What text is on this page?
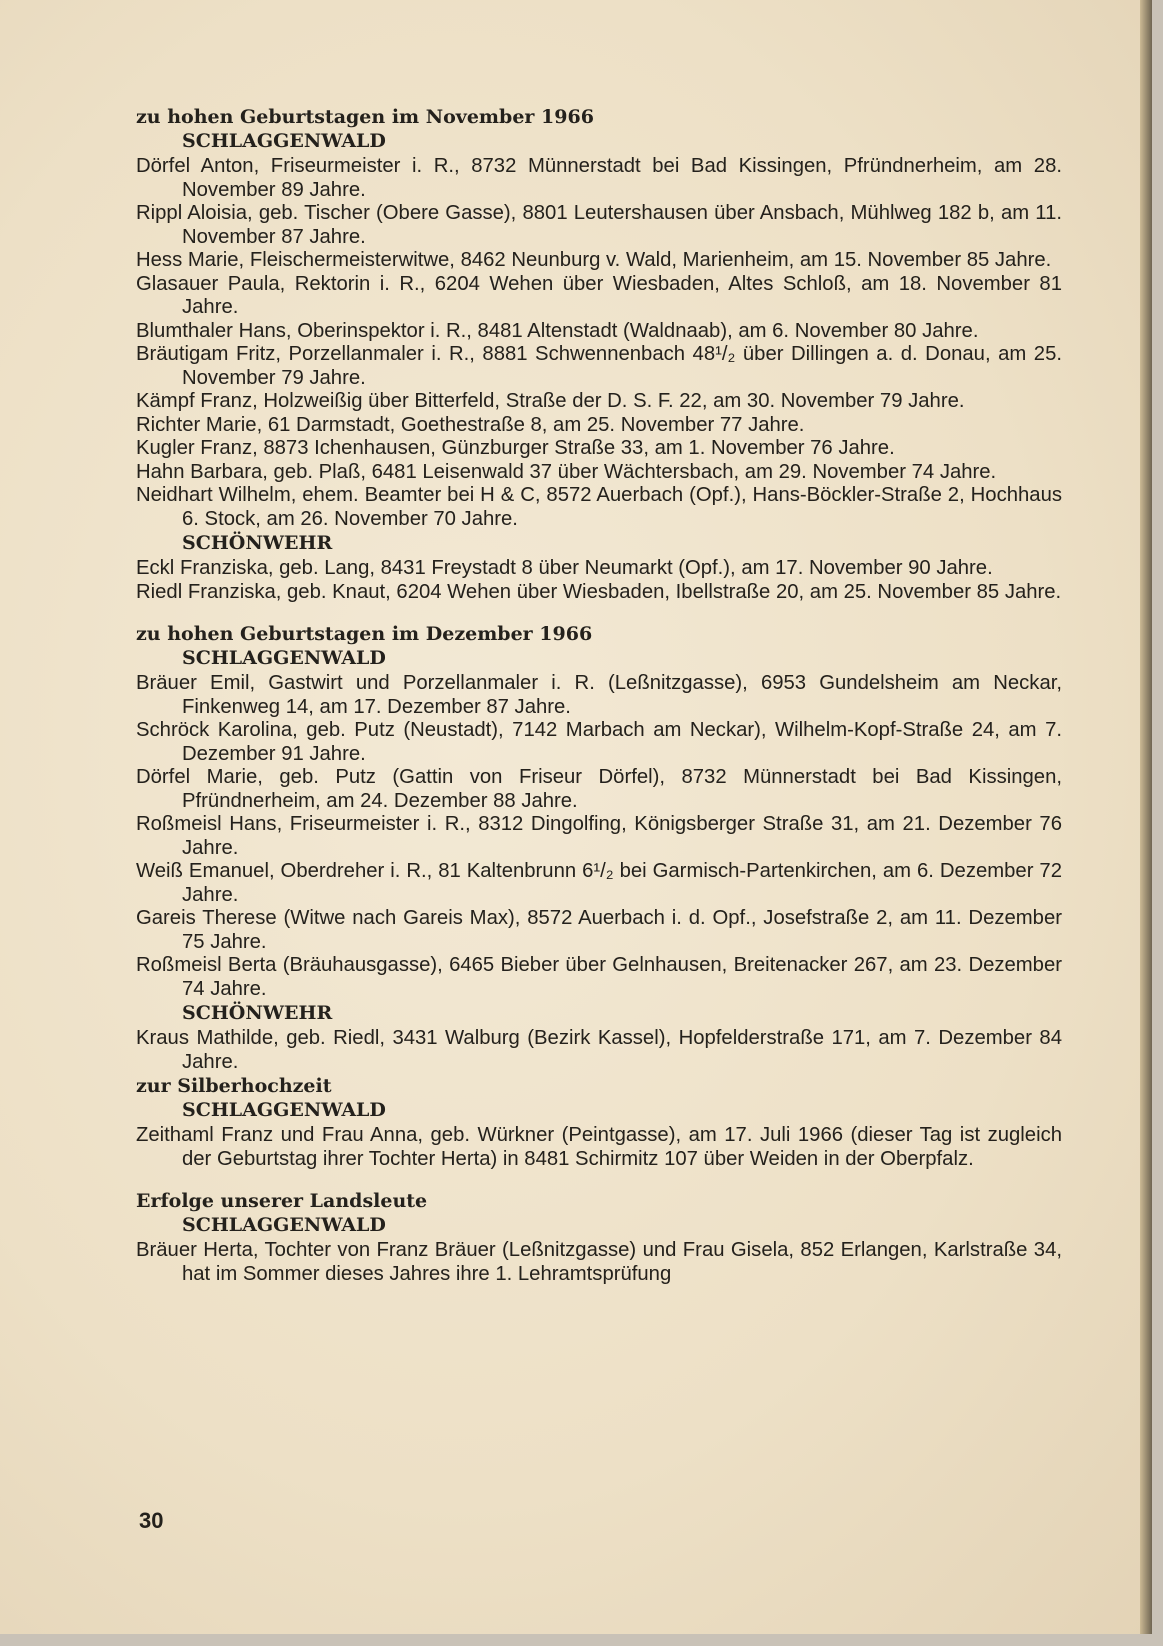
zu hohen Geburtstagen im November 1966

SCHLAGGENWALD

Dörfel Anton, Friseurmeister i. R., 8732 Münnerstadt bei Bad Kissingen, Pfründnerheim, am 28. November 89 Jahre.

Rippl Aloisia, geb. Tischer (Obere Gasse), 8801 Leutershausen über Ansbach, Mühlweg 182 b, am 11. November 87 Jahre.

Hess Marie, Fleischermeisterwitwe, 8462 Neunburg v. Wald, Marienheim, am 15. November 85 Jahre.

Glasauer Paula, Rektorin i. R., 6204 Wehen über Wiesbaden, Altes Schloß, am 18. November 81 Jahre.

Blumthaler Hans, Oberinspektor i. R., 8481 Altenstadt (Waldnaab), am 6. November 80 Jahre.

Bräutigam Fritz, Porzellanmaler i. R., 8881 Schwennenbach 48¹/₂ über Dillingen a. d. Donau, am 25. November 79 Jahre.

Kämpf Franz, Holzweißig über Bitterfeld, Straße der D. S. F. 22, am 30. November 79 Jahre.

Richter Marie, 61 Darmstadt, Goethestraße 8, am 25. November 77 Jahre.

Kugler Franz, 8873 Ichenhausen, Günzburger Straße 33, am 1. November 76 Jahre.

Hahn Barbara, geb. Plaß, 6481 Leisenwald 37 über Wächtersbach, am 29. November 74 Jahre.

Neidhart Wilhelm, ehem. Beamter bei H & C, 8572 Auerbach (Opf.), Hans-Böckler-Straße 2, Hochhaus 6. Stock, am 26. November 70 Jahre.

SCHÖNWEHR

Eckl Franziska, geb. Lang, 8431 Freystadt 8 über Neumarkt (Opf.), am 17. November 90 Jahre.

Riedl Franziska, geb. Knaut, 6204 Wehen über Wiesbaden, Ibellstraße 20, am 25. November 85 Jahre.

zu hohen Geburtstagen im Dezember 1966

SCHLAGGENWALD

Bräuer Emil, Gastwirt und Porzellanmaler i. R. (Leßnitzgasse), 6953 Gundelsheim am Neckar, Finkenweg 14, am 17. Dezember 87 Jahre.

Schröck Karolina, geb. Putz (Neustadt), 7142 Marbach am Neckar), Wilhelm-Kopf-Straße 24, am 7. Dezember 91 Jahre.

Dörfel Marie, geb. Putz (Gattin von Friseur Dörfel), 8732 Münnerstadt bei Bad Kissingen, Pfründnerheim, am 24. Dezember 88 Jahre.

Roßmeisl Hans, Friseurmeister i. R., 8312 Dingolfing, Königsberger Straße 31, am 21. Dezember 76 Jahre.

Weiß Emanuel, Oberdreher i. R., 81 Kaltenbrunn 6¹/₂ bei Garmisch-Partenkirchen, am 6. Dezember 72 Jahre.

Gareis Therese (Witwe nach Gareis Max), 8572 Auerbach i. d. Opf., Josefstraße 2, am 11. Dezember 75 Jahre.

Roßmeisl Berta (Bräuhausgasse), 6465 Bieber über Gelnhausen, Breitenacker 267, am 23. Dezember 74 Jahre.

SCHÖNWEHR

Kraus Mathilde, geb. Riedl, 3431 Walburg (Bezirk Kassel), Hopfelderstraße 171, am 7. Dezember 84 Jahre.

zur Silberhochzeit

SCHLAGGENWALD

Zeithaml Franz und Frau Anna, geb. Würkner (Peintgasse), am 17. Juli 1966 (dieser Tag ist zugleich der Geburtstag ihrer Tochter Herta) in 8481 Schirmitz 107 über Weiden in der Oberpfalz.

Erfolge unserer Landsleute

SCHLAGGENWALD

Bräuer Herta, Tochter von Franz Bräuer (Leßnitzgasse) und Frau Gisela, 852 Erlangen, Karlstraße 34, hat im Sommer dieses Jahres ihre 1. Lehramtsprüfung

30
